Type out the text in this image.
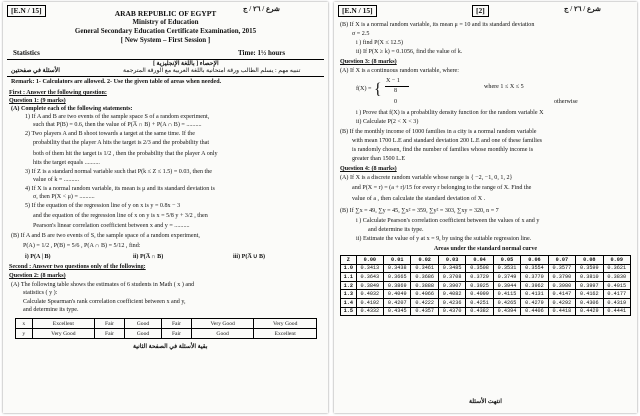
[E.N / 15]	شرع / ٢٦ / ج
ARAB REPUBLIC OF EGYPT
Ministry of Education
General Secondary Education Certificate Examination, 2015
[ New System – First Session ]
Statistics	Time: 1½ hours
الإحصاء [ باللغة الإنجليزية ]
الأسئلة في صفحتين	تنبيه مهم : يسلم الطالب ورقة امتحانية باللغة العربية مع الورقة المترجمة
Remark: 1- Calculators are allowed. 2- Use the given table of areas when needed.
First : Answer the following question:
Question 1: (9 marks)
(A) Complete each of the following statements:
1) If A and B are two events of the sample space S of a random experiment,
such that P(B) = 0.6, then the value of P(A̅ ∩ B) + P(A ∩ B) = ..........
2) Two players A and B shoot towards a target at the same time. If the
probability that the player A hits the target is 2/3 and the probability that
both of them hit the target is 1/2 , then the probability that the player A only
hits the target equals ..........
3) If Z is a standard normal variable such that P(k ≤ Z ≤ 1.5) = 0.03, then the
value of k = ..........
4) If X is a normal random variable, its mean is μ and its standard deviation is
σ, then P(X < μ) = ..........
5) If the equation of the regression line of y on x is y = 0.8x − 3
and the equation of the regression line of x on y is x = 5/8 y + 3/2 , then
Pearson's linear correlation coefficient between x and y = ..........
(B) If A and B are two events of S, the sample space of a random experiment,
P(A) = 1/2 , P(B) = 5/6 , P(A ∩ B) = 5/12 , find:
i) P(A | B)	ii) P(A̅ ∩ B)	iii) P(A̅ ∪ B)
Second : Answer two questions only of the following:
Question 2: (8 marks)
(A) The following table shows the estimates of 6 students in Math ( x ) and
statistics ( y ):
Calculate Spearman's rank correlation coefficient between x and y,
and determine its type.
x	Excellent	Fair	Good	Fair	Very Good	Very Good
y	Very Good	Fair	Good	Fair	Good	Excellent
بقية الأسئلة في الصفحة الثانية
[E.N / 15]	[2]	شرع / ٢٦ / ج
(B) If X is a normal random variable, its mean μ = 10 and its standard deviation
σ = 2.5
i ) find P(X ≤ 12.5)
ii) If P(X ≥ k) = 0.1056, find the value of k.
Question 3: (8 marks)
(A) If X is a continuous random variable, where:
f(X) = { X − 1
8
where 1 ≤ X ≤ 5
0	otherwise
i ) Prove that f(X) is a probability density function for the random variable X
ii) Calculate P(2 < X < 3)
(B) If the monthly income of 1000 families in a city is a normal random variable
with mean 1700 L.E and standard deviation 200 L.E and one of these families
is randomly chosen, find the number of families whose monthly income is
greater than 1500 L.E
Question 4: (8 marks)
(A) If X is a discrete random variable whose range is { −2, −1, 0, 1, 2}
and P(X = r) = (a + r)/15 for every r belonging to the range of X. Find the
value of a , then calculate the standard deviation of X .
(B) If ∑x = 49, ∑y = 45, ∑x² = 359, ∑y² = 303, ∑xy = 320, n = 7
i ) Calculate Pearson's correlation coefficient between the values of x and y
and determine its type.
ii) Estimate the value of y at x = 9, by using the suitable regression line.
Areas under the standard normal curve
Z	0.00	0.01	0.02	0.03	0.04	0.05	0.06	0.07	0.08	0.09
1.0	0.3413	0.3438	0.3461	0.3485	0.3508	0.3531	0.3554	0.3577	0.3599	0.3621
1.1	0.3643	0.3665	0.3686	0.3708	0.3729	0.3749	0.3770	0.3790	0.3810	0.3830
1.2	0.3849	0.3869	0.3888	0.3907	0.3925	0.3944	0.3962	0.3980	0.3997	0.4015
1.3	0.4032	0.4049	0.4066	0.4082	0.4099	0.4115	0.4131	0.4147	0.4162	0.4177
1.4	0.4192	0.4207	0.4222	0.4236	0.4251	0.4265	0.4279	0.4292	0.4306	0.4319
1.5	0.4332	0.4345	0.4357	0.4370	0.4382	0.4394	0.4406	0.4418	0.4429	0.4441
انتهت الأسئلة
